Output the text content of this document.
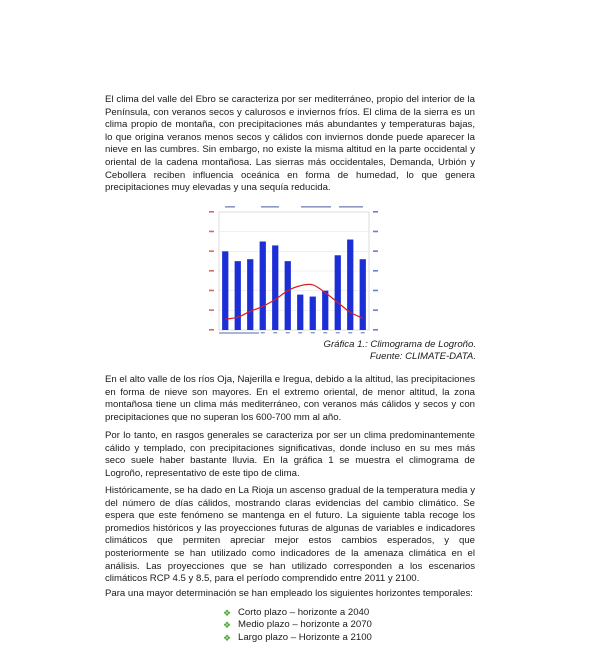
El clima del valle del Ebro se caracteriza por ser mediterráneo, propio del interior de la Península, con veranos secos y calurosos e inviernos fríos. El clima de la sierra es un clima propio de montaña, con precipitaciones más abundantes y temperaturas bajas, lo que origina veranos menos secos y cálidos con inviernos donde puede aparecer la nieve en las cumbres. Sin embargo, no existe la misma altitud en la parte occidental y oriental de la cadena montañosa. Las sierras más occidentales, Demanda, Urbión y Cebollera reciben influencia oceánica en forma de humedad, lo que genera precipitaciones muy elevadas y una sequía reducida.

Gráfica 1.: Climograma de Logroño.
Fuente: CLIMATE-DATA.

En el alto valle de los ríos Oja, Najerilla e Iregua, debido a la altitud, las precipitaciones en forma de nieve son mayores. En el extremo oriental, de menor altitud, la zona montañosa tiene un clima más mediterráneo, con veranos más cálidos y secos y con precipitaciones que no superan los 600-700 mm al año.

Por lo tanto, en rasgos generales se caracteriza por ser un clima predominantemente cálido y templado, con precipitaciones significativas, donde incluso en su mes más seco suele haber bastante lluvia. En la gráfica 1 se muestra el climograma de Logroño, representativo de este tipo de clima.

Históricamente, se ha dado en La Rioja un ascenso gradual de la temperatura media y del número de días cálidos, mostrando claras evidencias del cambio climático. Se espera que este fenómeno se mantenga en el futuro. La siguiente tabla recoge los promedios históricos y las proyecciones futuras de algunas de variables e indicadores climáticos que permiten apreciar mejor estos cambios esperados, y que posteriormente se han utilizado como indicadores de la amenaza climática en el análisis. Las proyecciones que se han utilizado corresponden a los escenarios climáticos RCP 4.5 y 8.5, para el período comprendido entre 2011 y 2100.

Para una mayor determinación se han empleado los siguientes horizontes temporales:

❖ Corto plazo – horizonte a 2040
❖ Medio plazo – horizonte a 2070
❖ Largo plazo – Horizonte a 2100
